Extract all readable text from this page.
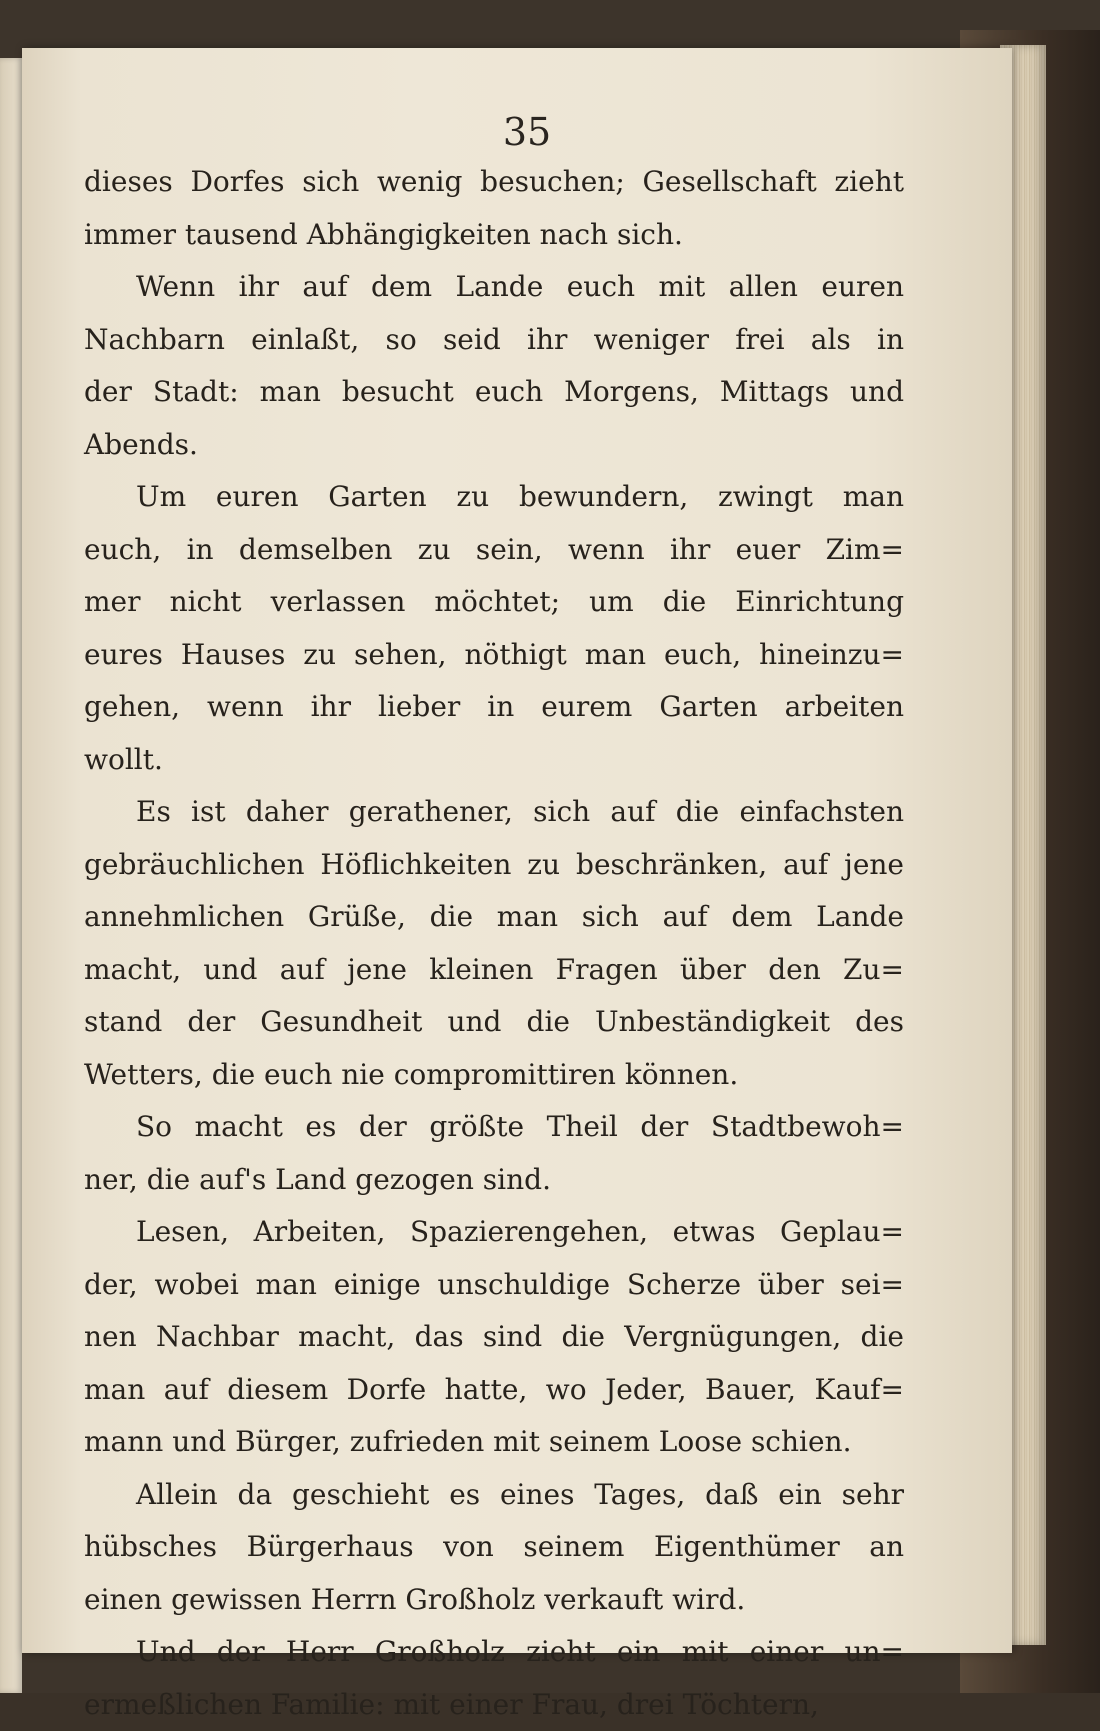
35
dieses Dorfes sich wenig besuchen; Gesellschaft zieht
immer tausend Abhängigkeiten nach sich.
Wenn ihr auf dem Lande euch mit allen euren
Nachbarn einlaßt, so seid ihr weniger frei als in
der Stadt: man besucht euch Morgens, Mittags und
Abends.
Um euren Garten zu bewundern, zwingt man
euch, in demselben zu sein, wenn ihr euer Zim=
mer nicht verlassen möchtet; um die Einrichtung
eures Hauses zu sehen, nöthigt man euch, hineinzu=
gehen, wenn ihr lieber in eurem Garten arbeiten
wollt.
Es ist daher gerathener, sich auf die einfachsten
gebräuchlichen Höflichkeiten zu beschränken, auf jene
annehmlichen Grüße, die man sich auf dem Lande
macht, und auf jene kleinen Fragen über den Zu=
stand der Gesundheit und die Unbeständigkeit des
Wetters, die euch nie compromittiren können.
So macht es der größte Theil der Stadtbewoh=
ner, die auf's Land gezogen sind.
Lesen, Arbeiten, Spazierengehen, etwas Geplau=
der, wobei man einige unschuldige Scherze über sei=
nen Nachbar macht, das sind die Vergnügungen, die
man auf diesem Dorfe hatte, wo Jeder, Bauer, Kauf=
mann und Bürger, zufrieden mit seinem Loose schien.
Allein da geschieht es eines Tages, daß ein sehr
hübsches Bürgerhaus von seinem Eigenthümer an
einen gewissen Herrn Großholz verkauft wird.
Und der Herr Großholz zieht ein mit einer un=
ermeßlichen Familie: mit einer Frau, drei Töchtern,
